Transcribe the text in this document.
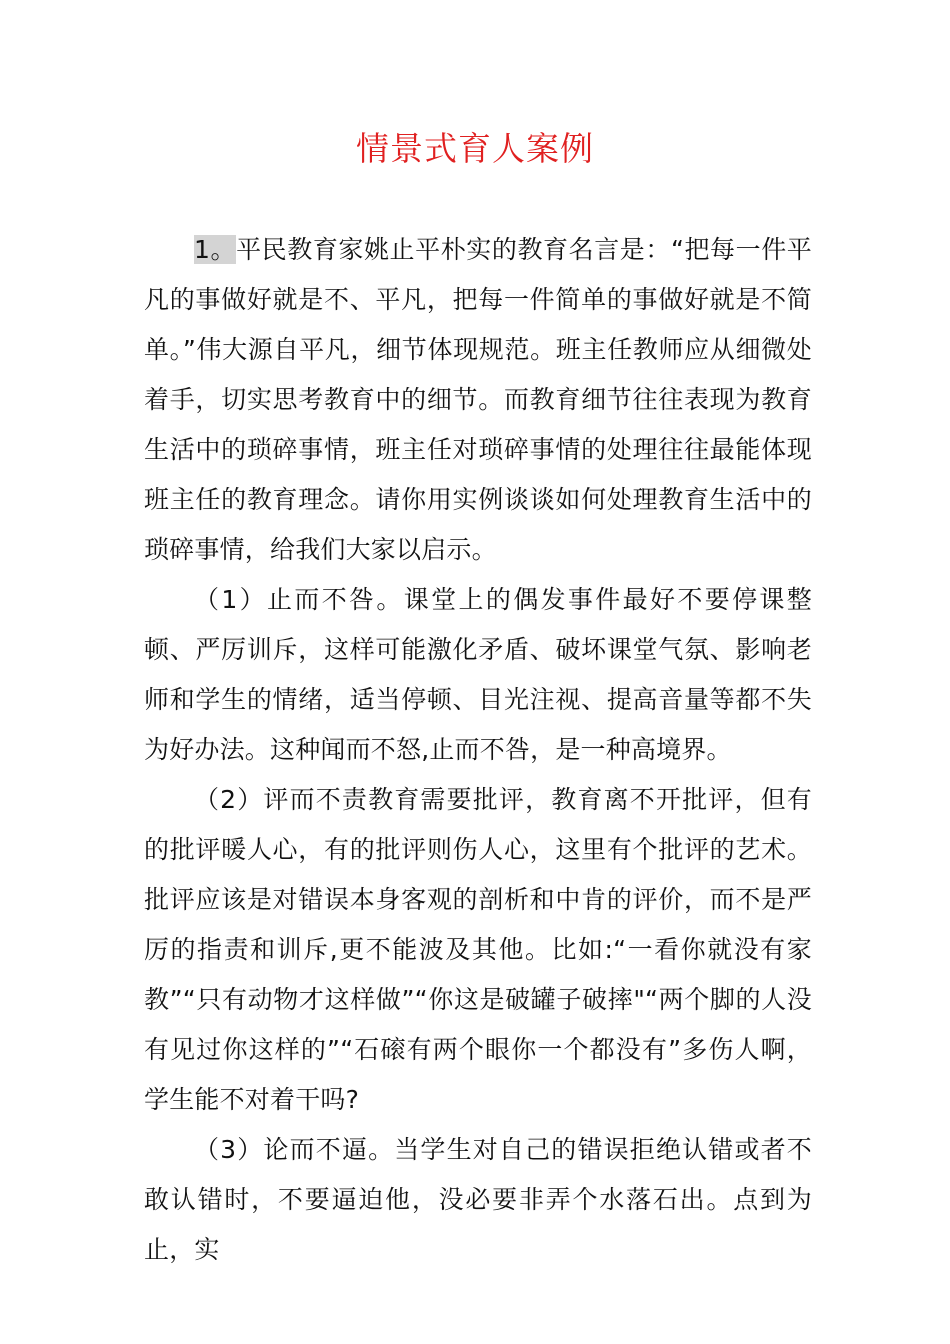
情景式育人案例

1。平民教育家姚止平朴实的教育名言是：“把每一件平凡的事做好就是不、平凡，把每一件简单的事做好就是不简单。”伟大源自平凡，细节体现规范。班主任教师应从细微处着手，切实思考教育中的细节。而教育细节往往表现为教育生活中的琐碎事情，班主任对琐碎事情的处理往往最能体现班主任的教育理念。请你用实例谈谈如何处理教育生活中的琐碎事情，给我们大家以启示。

（1）止而不咎。课堂上的偶发事件最好不要停课整顿、严厉训斥，这样可能激化矛盾、破坏课堂气氛、影响老师和学生的情绪，适当停顿、目光注视、提高音量等都不失为好办法。这种闻而不怒,止而不咎，是一种高境界。

（2）评而不责教育需要批评，教育离不开批评，但有的批评暖人心，有的批评则伤人心，这里有个批评的艺术。批评应该是对错误本身客观的剖析和中肯的评价，而不是严厉的指责和训斥,更不能波及其他。比如:“一看你就没有家教”“只有动物才这样做”“你这是破罐子破摔"“两个脚的人没有见过你这样的”“石磙有两个眼你一个都没有”多伤人啊，学生能不对着干吗?

（3）论而不逼。当学生对自己的错误拒绝认错或者不敢认错时，不要逼迫他，没必要非弄个水落石出。点到为止，实
